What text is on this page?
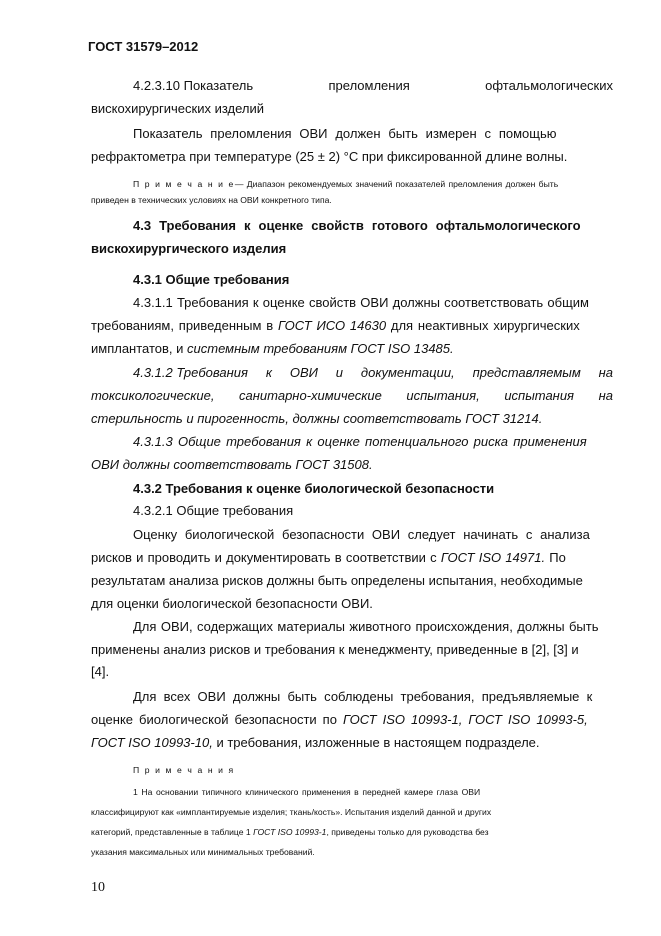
ГОСТ 31579–2012
4.2.3.10 Показатель	преломления	офтальмологических
вискохирургических изделий
Показатель преломления ОВИ должен быть измерен с помощью
рефрактометра при температуре (25 ± 2) °С при фиксированной длине волны.
П р и м е ч а н и е — Диапазон рекомендуемых значений показателей преломления должен быть
приведен в технических условиях на ОВИ конкретного типа.
4.3 Требования к оценке свойств готового офтальмологического
вискохирургического изделия
4.3.1 Общие требования
4.3.1.1 Требования к оценке свойств ОВИ должны соответствовать общим
требованиям, приведенным в ГОСТ ИСО 14630 для неактивных хирургических
имплантатов, и системным требованиям ГОСТ ISO 13485.
4.3.1.2 Требования к ОВИ и документации, представляемым на
токсикологические, санитарно-химические испытания, испытания на
стерильность и пирогенность, должны соответствовать ГОСТ 31214.
4.3.1.3 Общие требования к оценке потенциального риска применения
ОВИ должны соответствовать ГОСТ 31508.
4.3.2 Требования к оценке биологической безопасности
4.3.2.1 Общие требования
Оценку биологической безопасности ОВИ следует начинать с анализа
рисков и проводить и документировать в соответствии с ГОСТ ISO 14971. По
результатам анализа рисков должны быть определены испытания, необходимые
для оценки биологической безопасности ОВИ.
Для ОВИ, содержащих материалы животного происхождения, должны быть
применены анализ рисков и требования к менеджменту, приведенные в [2], [3] и
[4].
Для всех ОВИ должны быть соблюдены требования, предъявляемые к
оценке биологической безопасности по ГОСТ ISO 10993-1, ГОСТ ISO 10993-5,
ГОСТ ISO 10993-10, и требования, изложенные в настоящем подразделе.
П р и м е ч а н и я
1 На основании типичного клинического применения в передней камере глаза ОВИ
классифицируют как «имплантируемые изделия; ткань/кость». Испытания изделий данной и других
категорий, представленные в таблице 1 ГОСТ ISO 10993-1, приведены только для руководства без
указания максимальных или минимальных требований.
10
